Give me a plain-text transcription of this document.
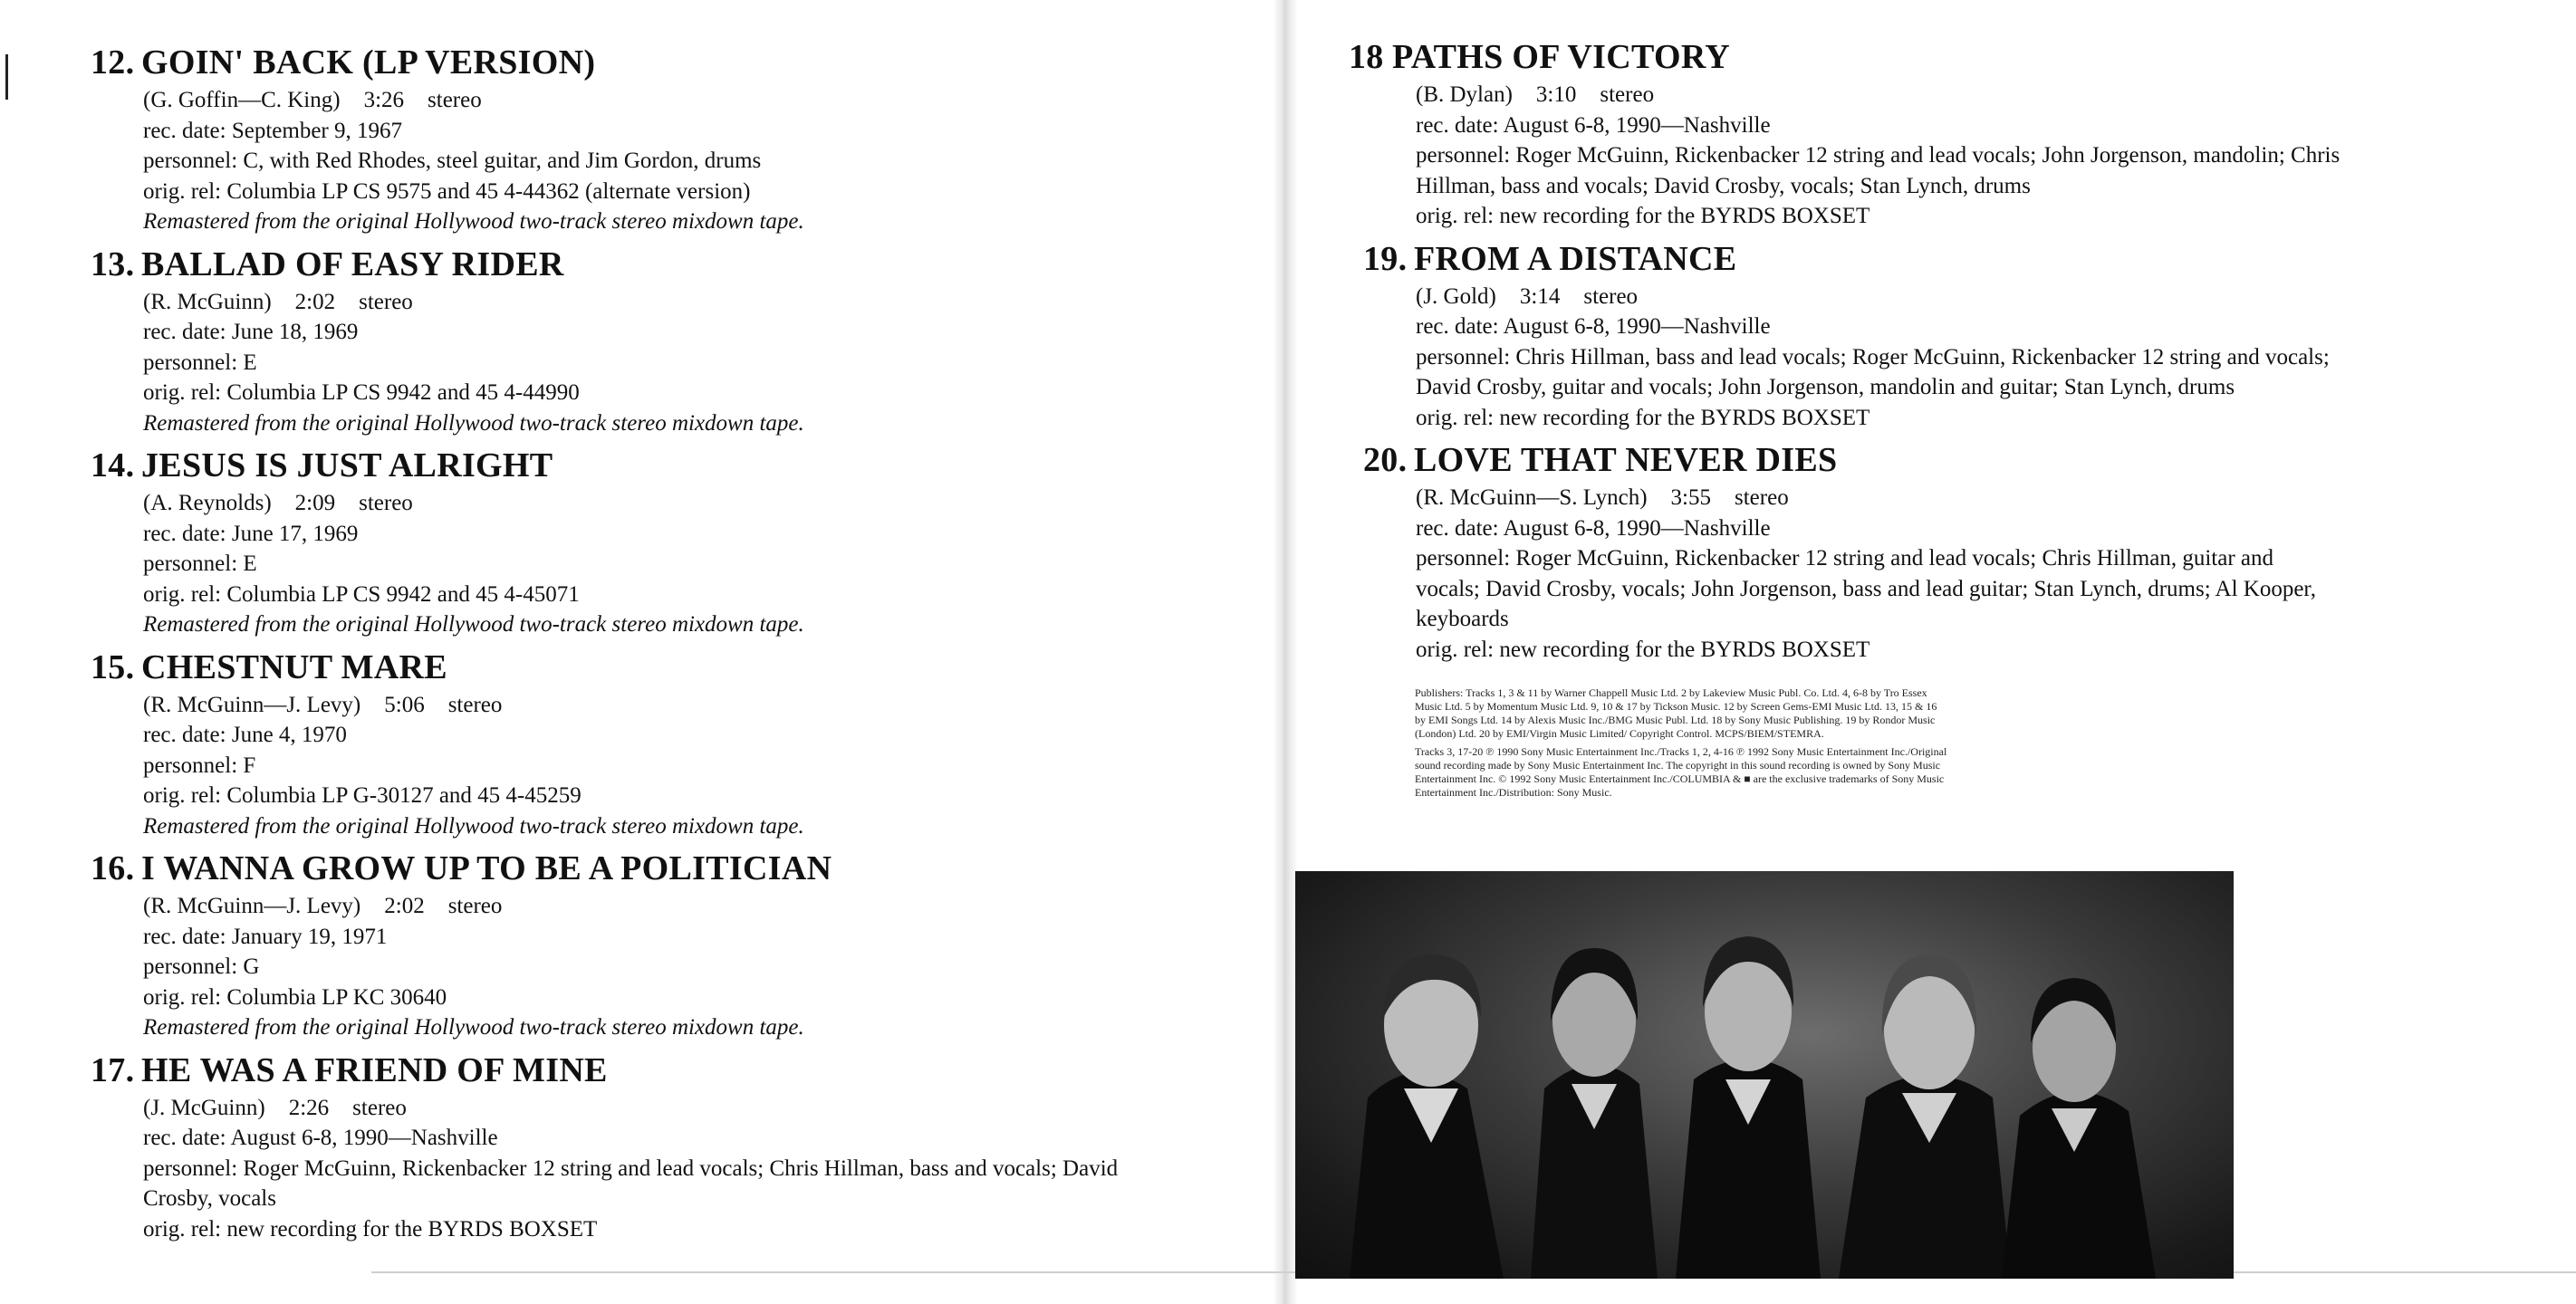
12. GOIN' BACK (LP VERSION)
(G. Goffin—C. King) 3:26 stereo
rec. date: September 9, 1967
personnel: C, with Red Rhodes, steel guitar, and Jim Gordon, drums
orig. rel: Columbia LP CS 9575 and 45 4-44362 (alternate version)
Remastered from the original Hollywood two-track stereo mixdown tape.
13. BALLAD OF EASY RIDER
(R. McGuinn) 2:02 stereo
rec. date: June 18, 1969
personnel: E
orig. rel: Columbia LP CS 9942 and 45 4-44990
Remastered from the original Hollywood two-track stereo mixdown tape.
14. JESUS IS JUST ALRIGHT
(A. Reynolds) 2:09 stereo
rec. date: June 17, 1969
personnel: E
orig. rel: Columbia LP CS 9942 and 45 4-45071
Remastered from the original Hollywood two-track stereo mixdown tape.
15. CHESTNUT MARE
(R. McGuinn—J. Levy) 5:06 stereo
rec. date: June 4, 1970
personnel: F
orig. rel: Columbia LP G-30127 and 45 4-45259
Remastered from the original Hollywood two-track stereo mixdown tape.
16. I WANNA GROW UP TO BE A POLITICIAN
(R. McGuinn—J. Levy) 2:02 stereo
rec. date: January 19, 1971
personnel: G
orig. rel: Columbia LP KC 30640
Remastered from the original Hollywood two-track stereo mixdown tape.
17. HE WAS A FRIEND OF MINE
(J. McGuinn) 2:26 stereo
rec. date: August 6-8, 1990—Nashville
personnel: Roger McGuinn, Rickenbacker 12 string and lead vocals; Chris Hillman, bass and vocals; David Crosby, vocals
orig. rel: new recording for the BYRDS BOXSET
18 PATHS OF VICTORY
(B. Dylan) 3:10 stereo
rec. date: August 6-8, 1990—Nashville
personnel: Roger McGuinn, Rickenbacker 12 string and lead vocals; John Jorgenson, mandolin; Chris Hillman, bass and vocals; David Crosby, vocals; Stan Lynch, drums
orig. rel: new recording for the BYRDS BOXSET
19. FROM A DISTANCE
(J. Gold) 3:14 stereo
rec. date: August 6-8, 1990—Nashville
personnel: Chris Hillman, bass and lead vocals; Roger McGuinn, Rickenbacker 12 string and vocals; David Crosby, guitar and vocals; John Jorgenson, mandolin and guitar; Stan Lynch, drums
orig. rel: new recording for the BYRDS BOXSET
20. LOVE THAT NEVER DIES
(R. McGuinn—S. Lynch) 3:55 stereo
rec. date: August 6-8, 1990—Nashville
personnel: Roger McGuinn, Rickenbacker 12 string and lead vocals; Chris Hillman, guitar and vocals; David Crosby, vocals; John Jorgenson, bass and lead guitar; Stan Lynch, drums; Al Kooper, keyboards
orig. rel: new recording for the BYRDS BOXSET

Publishers: Tracks 1, 3 & 11 by Warner Chappell Music Ltd. 2 by Lakeview Music Publ. Co. Ltd. 4, 6-8 by Tro Essex Music Ltd. 5 by Momentum Music Ltd. 9, 10 & 17 by Tickson Music. 12 by Screen Gems-EMI Music Ltd. 13, 15 & 16 by EMI Songs Ltd. 14 by Alexis Music Inc./BMG Music Publ. Ltd. 18 by Sony Music Publishing. 19 by Rondor Music (London) Ltd. 20 by EMI/Virgin Music Limited/ Copyright Control. MCPS/BIEM/STEMRA.

Tracks 3, 17-20 ℗ 1990 Sony Music Entertainment Inc./Tracks 1, 2, 4-16 ℗ 1992 Sony Music Entertainment Inc./Original sound recording made by Sony Music Entertainment Inc. The copyright in this sound recording is owned by Sony Music Entertainment Inc. © 1992 Sony Music Entertainment Inc./COLUMBIA & ■ are the exclusive trademarks of Sony Music Entertainment Inc./Distribution: Sony Music.
